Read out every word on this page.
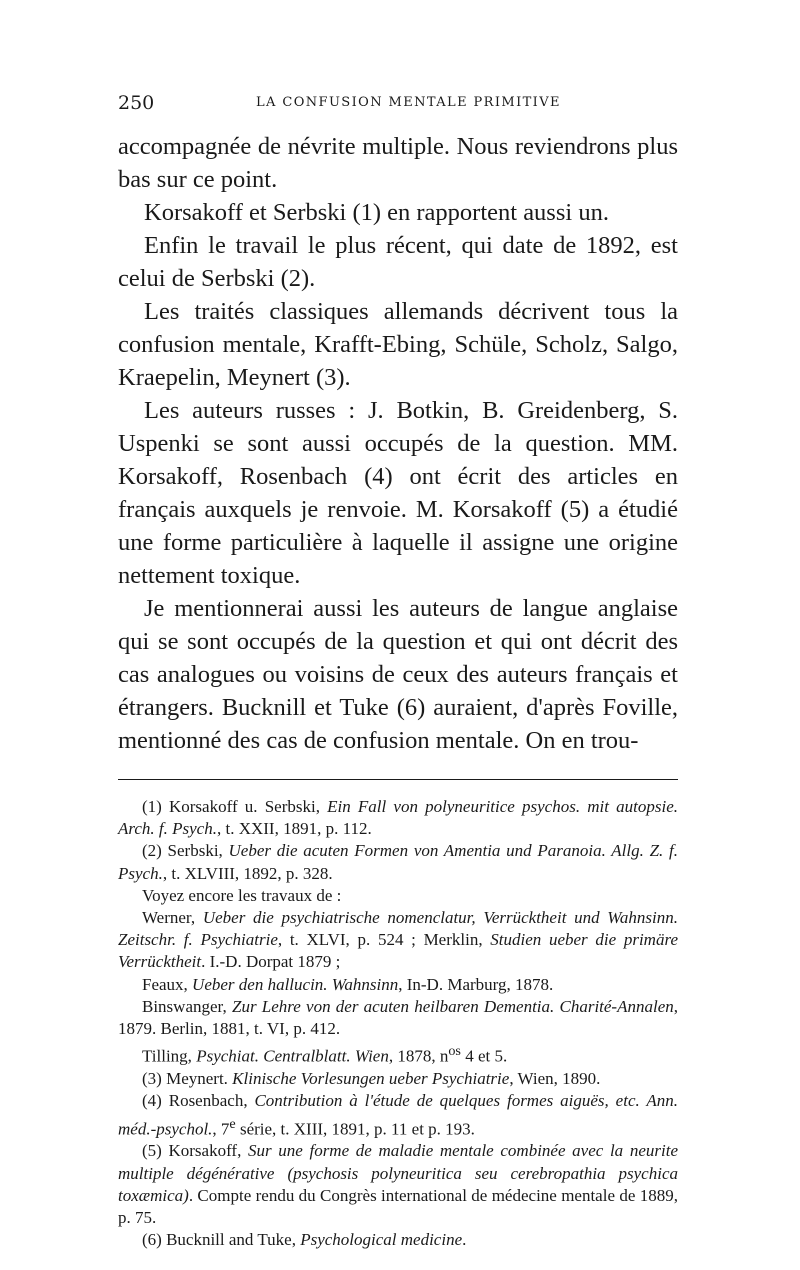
250	LA CONFUSION MENTALE PRIMITIVE

accompagnée de névrite multiple. Nous reviendrons plus bas sur ce point.

Korsakoff et Serbski (1) en rapportent aussi un.

Enfin le travail le plus récent, qui date de 1892, est celui de Serbski (2).

Les traités classiques allemands décrivent tous la confusion mentale, Krafft-Ebing, Schüle, Scholz, Salgo, Kraepelin, Meynert (3).

Les auteurs russes : J. Botkin, B. Greidenberg, S. Uspenki se sont aussi occupés de la question. MM. Korsakoff, Rosenbach (4) ont écrit des articles en français auxquels je renvoie. M. Korsakoff (5) a étudié une forme particulière à laquelle il assigne une origine nettement toxique.

Je mentionnerai aussi les auteurs de langue anglaise qui se sont occupés de la question et qui ont décrit des cas analogues ou voisins de ceux des auteurs français et étrangers. Bucknill et Tuke (6) auraient, d'après Foville, mentionné des cas de confusion mentale. On en trou-

(1) Korsakoff u. Serbski, Ein Fall von polyneuritice psychos. mit autopsie. Arch. f. Psych., t. XXII, 1891, p. 112.

(2) Serbski, Ueber die acuten Formen von Amentia und Paranoia. Allg. Z. f. Psych., t. XLVIII, 1892, p. 328.

Voyez encore les travaux de :

Werner, Ueber die psychiatrische nomenclatur, Verrücktheit und Wahnsinn. Zeitschr. f. Psychiatrie, t. XLVI, p. 524 ; Merklin, Studien ueber die primäre Verrücktheit. I.-D. Dorpat 1879 ;

Feaux, Ueber den hallucin. Wahnsinn, In-D. Marburg, 1878.

Binswanger, Zur Lehre von der acuten heilbaren Dementia. Charité-Annalen, 1879. Berlin, 1881, t. VI, p. 412.

Tilling, Psychiat. Centralblatt. Wien, 1878, $n^{os}$ 4 et 5.

(3) Meynert. Klinische Vorlesungen ueber Psychiatrie, Wien, 1890.

(4) Rosenbach, Contribution à l'étude de quelques formes aiguës, etc. Ann. méd.-psychol., 7e série, t. XIII, 1891, p. 11 et p. 193.

(5) Korsakoff, Sur une forme de maladie mentale combinée avec la neurite multiple dégénérative (psychosis polyneuritica seu cerebropathia psychica toxæmica). Compte rendu du Congrès international de médecine mentale de 1889, p. 75.

(6) Bucknill and Tuke, Psychological medicine.
